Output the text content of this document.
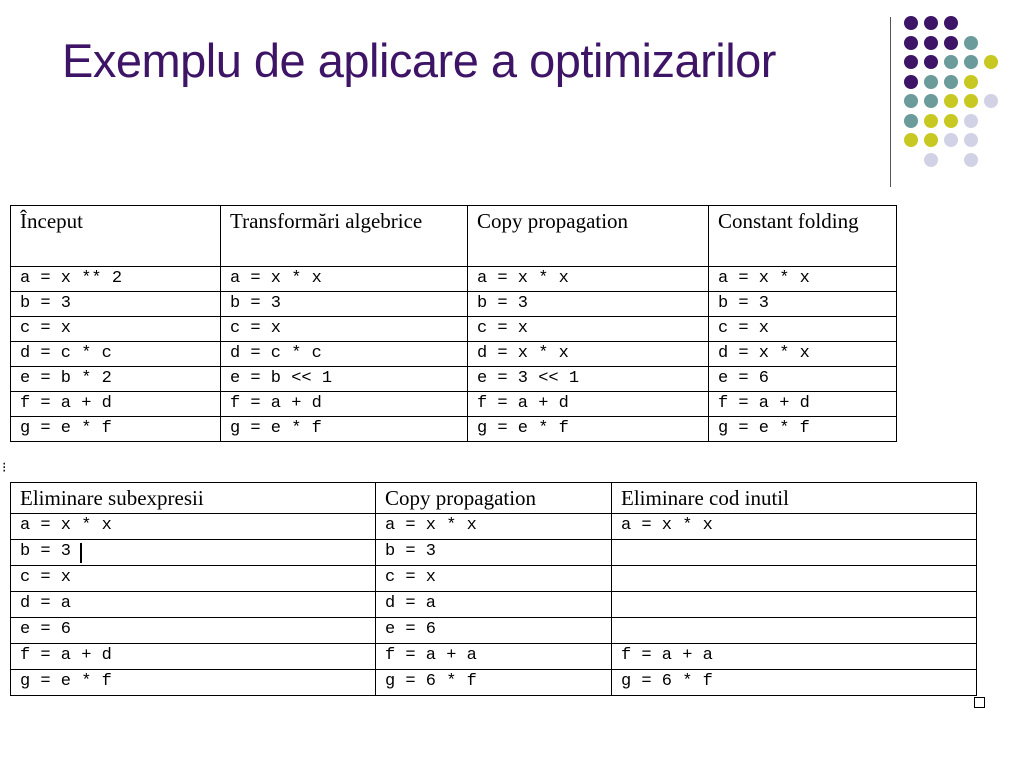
Exemplu de aplicare a optimizarilor
Început	Transformări algebrice	Copy propagation	Constant folding
a = x ** 2	a = x * x	a = x * x	a = x * x
b = 3	b = 3	b = 3	b = 3
c = x	c = x	c = x	c = x
d = c * c	d = c * c	d = x * x	d = x * x
e = b * 2	e = b << 1	e = 3 << 1	e = 6
f = a + d	f = a + d	f = a + d	f = a + d
g = e * f	g = e * f	g = e * f	g = e * f
⁝
Eliminare subexpresii	Copy propagation	Eliminare cod inutil
a = x * x	a = x * x	a = x * x
b = 3	b = 3	
c = x	c = x	
d = a	d = a	
e = 6	e = 6	
f = a + d	f = a + a	f = a + a
g = e * f	g = 6 * f	g = 6 * f
